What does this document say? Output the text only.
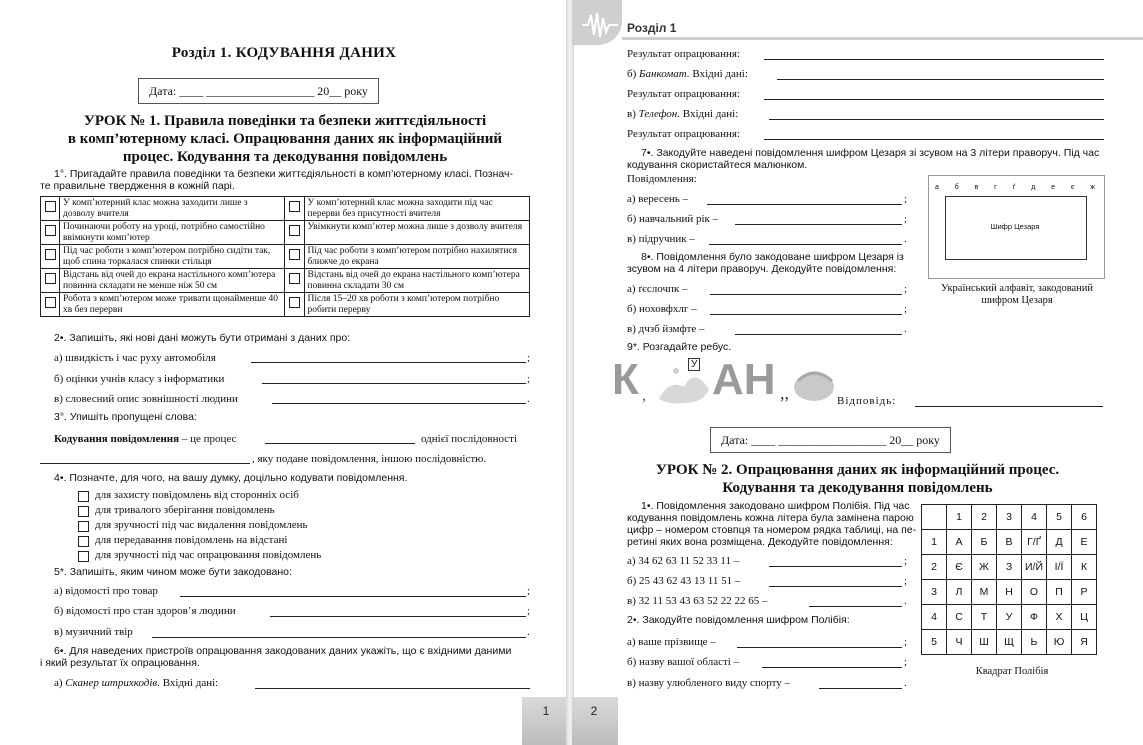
Розділ 1. КОДУВАННЯ ДАНИХ
Дата: ____ __________________ 20__ року
УРОК № 1. Правила поведінки та безпеки життєдіяльності
в комп’ютерному класі. Опрацювання даних як інформаційний
процес. Кодування та декодування повідомлень
1°. Пригадайте правила поведінки та безпеки життєдіяльності в комп’ютерному класі. Познач-
те правильне твердження в кожній парі.
	У комп’ютерний клас можна заходити лише з дозволу вчителя		У комп’ютерний клас можна заходити під час перерви без присутності вчителя
	Починаючи роботу на уроці, потрібно самостійно ввімкнути комп’ютер		Увімкнути комп’ютер можна лише з дозволу вчителя
	Під час роботи з комп’ютером потрібно сидіти так, щоб спина торкалася спинки стільця		Під час роботи з комп’ютером потрібно нахилятися ближче до екрана
	Відстань від очей до екрана настільного комп’ютера повинна складати не менше ніж 50 см		Відстань від очей до екрана настільного комп’ютера повинна складати 30 см
	Робота з комп’ютером може тривати щонайменше 40 хв без перерви		Після 15–20 хв роботи з комп’ютером потрібно робити перерву
2•. Запишіть, які нові дані можуть бути отримані з даних про:
а) швидкість і час руху автомобіля	;
б) оцінки учнів класу з інформатики	;
в) словесний опис зовнішності людини	.
3°. Упишіть пропущені слова:
Кодування повідомлення – це процес	однієї послідовності
, яку подане повідомлення, іншою послідовністю.
4•. Позначте, для чого, на вашу думку, доцільно кодувати повідомлення.
для захисту повідомлень від сторонніх осіб
для тривалого зберігання повідомлень
для зручності під час видалення повідомлень
для передавання повідомлень на відстані
для зручності під час опрацювання повідомлень
5*. Запишіть, яким чином може бути закодовано:
а) відомості про товар	;
б) відомості про стан здоров’я людини	;
в) музичний твір	.
6•. Для наведених пристроїв опрацювання закодованих даних укажіть, що є вхідними даними
і який результат їх опрацювання.
а) Сканер штрихкодів. Вхідні дані:
1
Розділ 1
Результат опрацювання:
б) Банкомат. Вхідні дані:
Результат опрацювання:
в) Телефон. Вхідні дані:
Результат опрацювання:
7•. Закодуйте наведені повідомлення шифром Цезаря зі зсувом на 3 літери праворуч. Під час
кодування скористайтеся малюнком.
Повідомлення:
а) вересень –	;
б) навчальний рік –	;
в) підручник –	.
8•. Повідомлення було закодоване шифром Цезаря із
зсувом на 4 літери праворуч. Декодуйте повідомлення:
а) ґєслочпк –	;
б) ноховфхлг –	;
в) дчзб йзмфте –	.
а б в г ґ д е є ж
Шифр Цезаря
Український алфавіт, закодований
шифром Цезаря
9*. Розгадайте ребус.
К ,
У АН ,,	Відповідь:
Дата: ____ __________________ 20__ року
УРОК № 2. Опрацювання даних як інформаційний процес.
Кодування та декодування повідомлень
1•. Повідомлення закодовано шифром Полібія. Під час
кодування повідомлень кожна літера була замінена парою
цифр – номером стовпця та номером рядка таблиці, на пе-
ретині яких вона розміщена. Декодуйте повідомлення:
а) 34 62 63 11 52 33 11 –	;
б) 25 43 62 43 13 11 51 –	;
в) 32 11 53 43 63 52 22 22 65 –	.
2•. Закодуйте повідомлення шифром Полібія:
а) ваше прізвище –	;
б) назву вашої області –	;
в) назву улюбленого виду спорту –	.
	1	2	3	4	5	6
1	А	Б	В	Г/Ґ	Д	Е
2	Є	Ж	З	И/Й	І/Ї	К
3	Л	М	Н	О	П	Р
4	С	Т	У	Ф	Х	Ц
5	Ч	Ш	Щ	Ь	Ю	Я
Квадрат Полібія
2
